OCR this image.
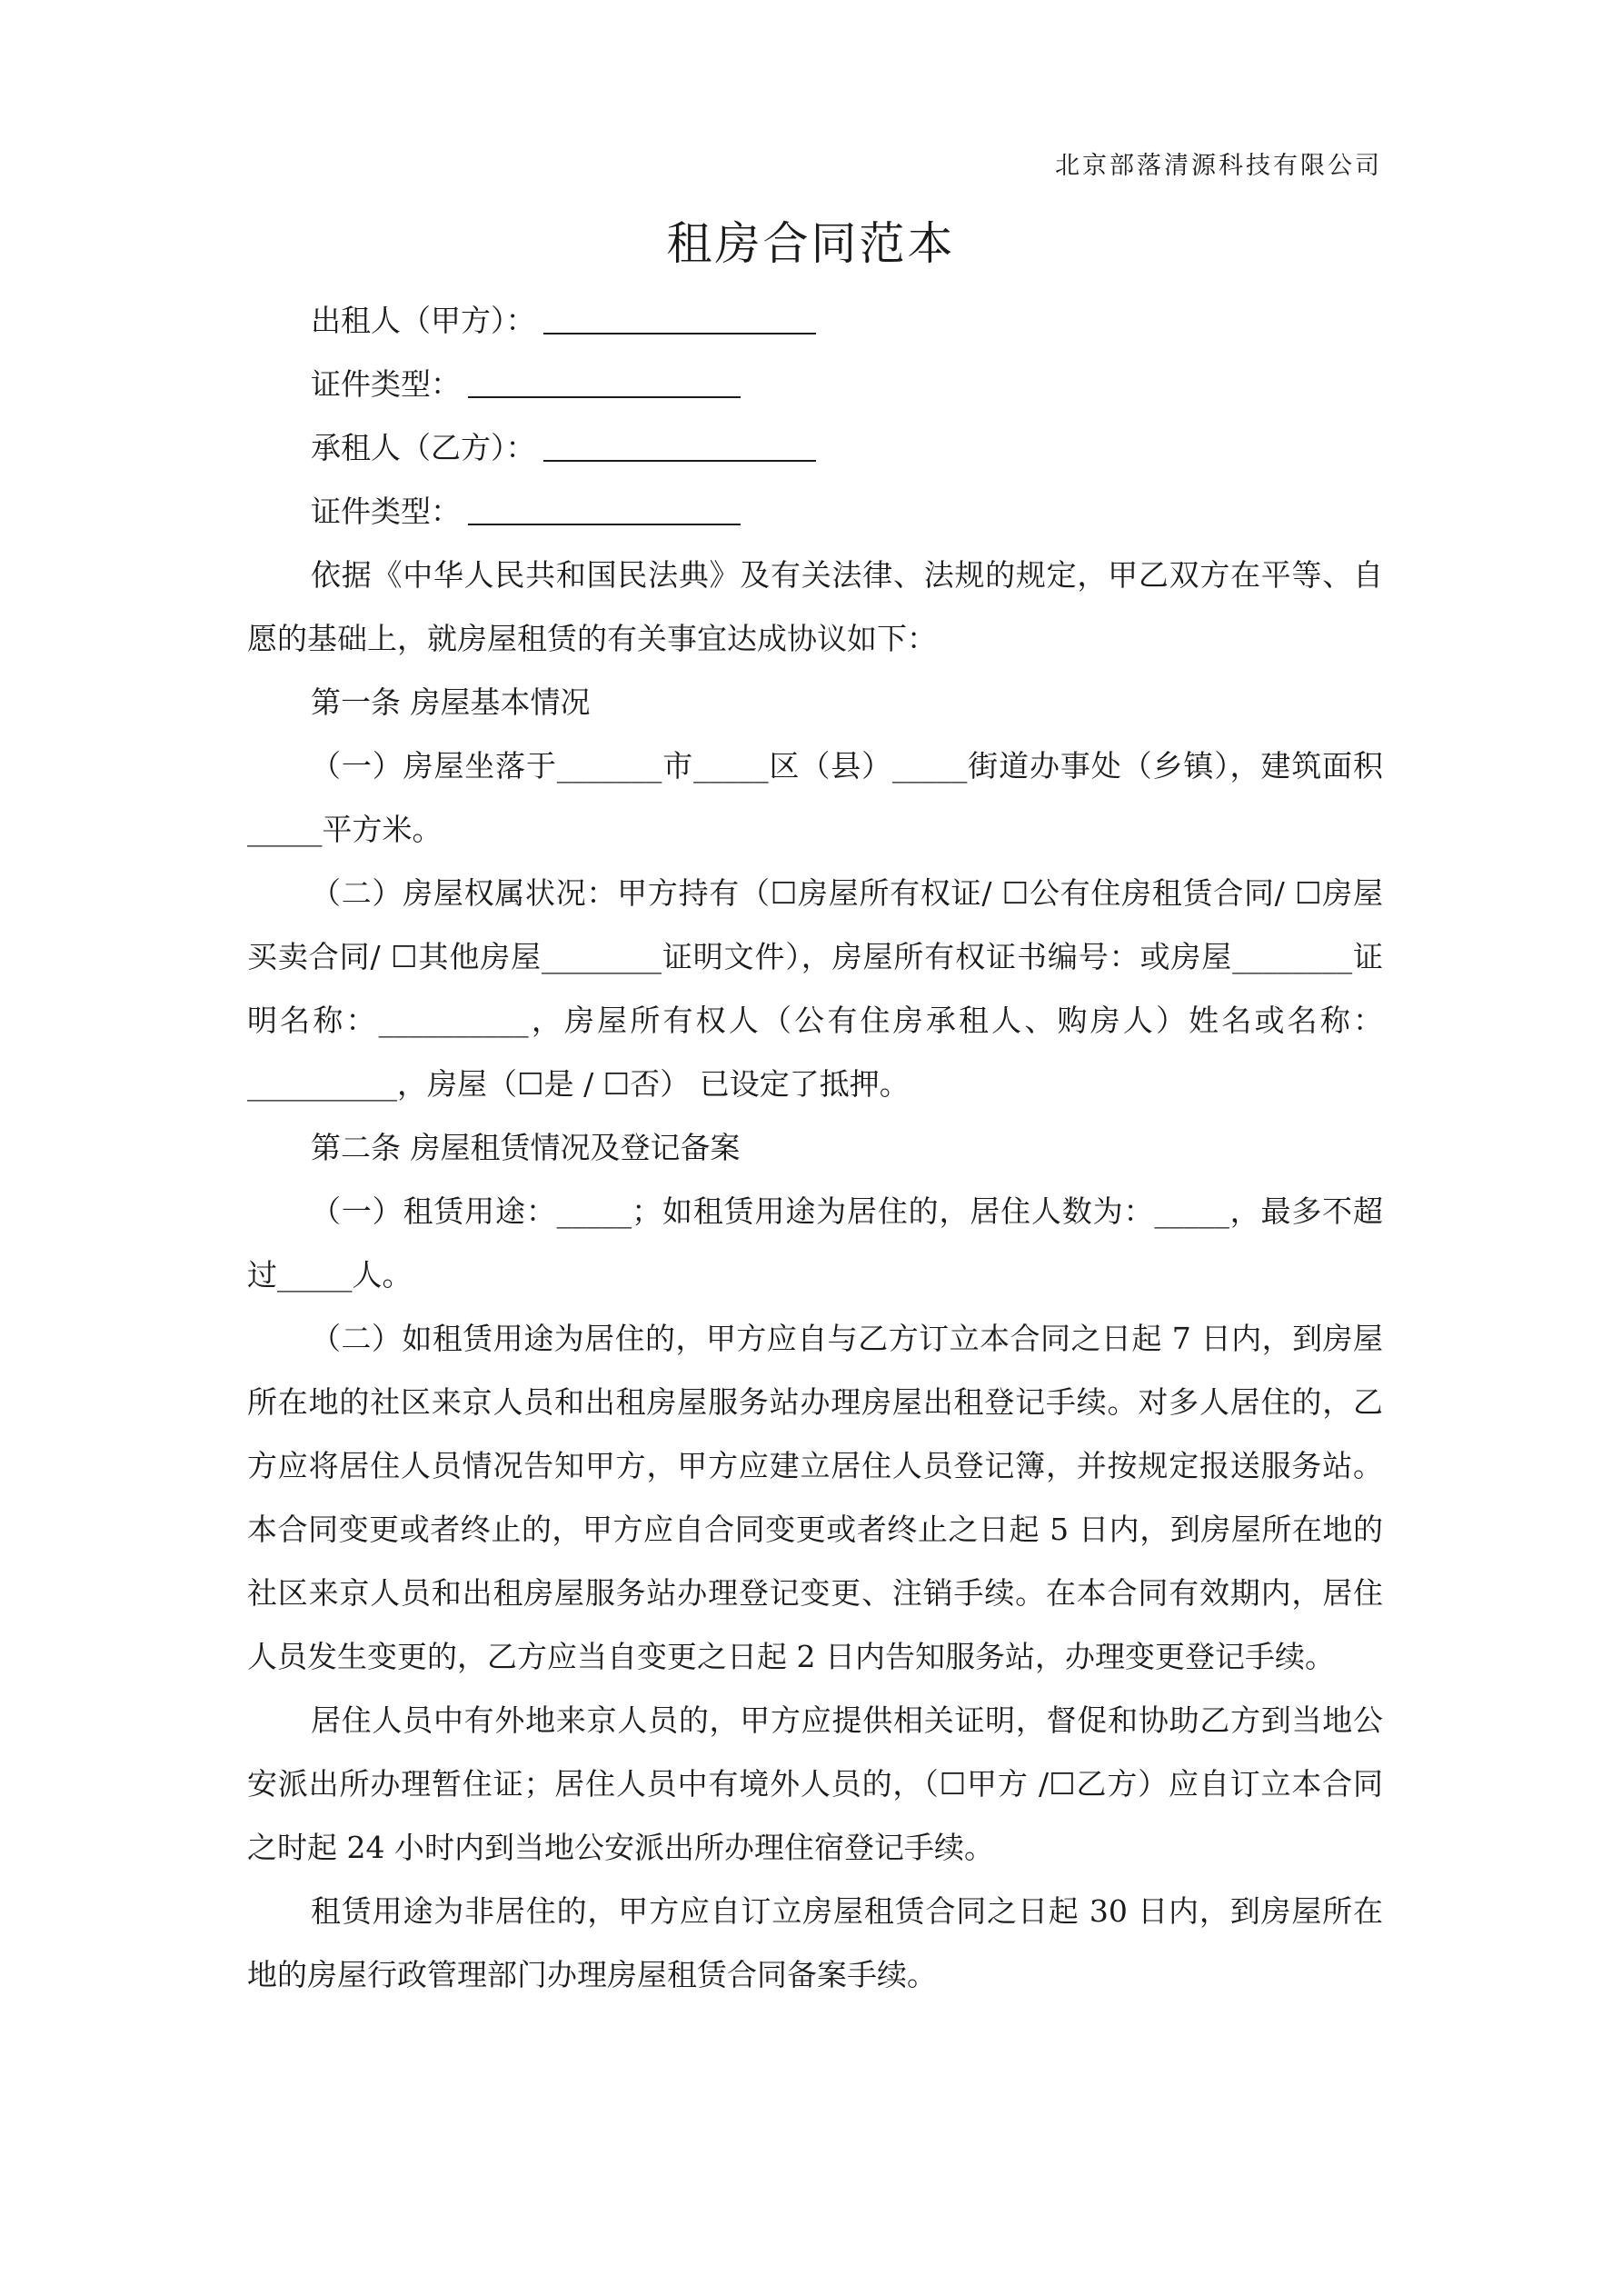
北京部落清源科技有限公司

租房合同范本

出租人（甲方）：

证件类型：

承租人（乙方）：

证件类型：

依据《中华人民共和国民法典》及有关法律、法规的规定，甲乙双方在平等、自愿的基础上，就房屋租赁的有关事宜达成协议如下：

第一条 房屋基本情况

（一）房屋坐落于_______市_____区（县）_____街道办事处（乡镇），建筑面积_____平方米。

（二）房屋权属状况：甲方持有（☐房屋所有权证/ ☐公有住房租赁合同/ ☐房屋买卖合同/ ☐其他房屋________证明文件），房屋所有权证书编号：或房屋________证明名称：__________，房屋所有权人（公有住房承租人、购房人）姓名或名称：__________，房屋（☐是 / ☐否） 已设定了抵押。

第二条 房屋租赁情况及登记备案

（一）租赁用途：_____；如租赁用途为居住的，居住人数为：_____，最多不超过_____人。

（二）如租赁用途为居住的，甲方应自与乙方订立本合同之日起 7 日内，到房屋所在地的社区来京人员和出租房屋服务站办理房屋出租登记手续。对多人居住的，乙方应将居住人员情况告知甲方，甲方应建立居住人员登记簿，并按规定报送服务站。本合同变更或者终止的，甲方应自合同变更或者终止之日起 5 日内，到房屋所在地的社区来京人员和出租房屋服务站办理登记变更、注销手续。在本合同有效期内，居住人员发生变更的，乙方应当自变更之日起 2 日内告知服务站，办理变更登记手续。

居住人员中有外地来京人员的，甲方应提供相关证明，督促和协助乙方到当地公安派出所办理暂住证；居住人员中有境外人员的，（☐甲方 /☐乙方）应自订立本合同之时起 24 小时内到当地公安派出所办理住宿登记手续。

租赁用途为非居住的，甲方应自订立房屋租赁合同之日起 30 日内，到房屋所在地的房屋行政管理部门办理房屋租赁合同备案手续。
